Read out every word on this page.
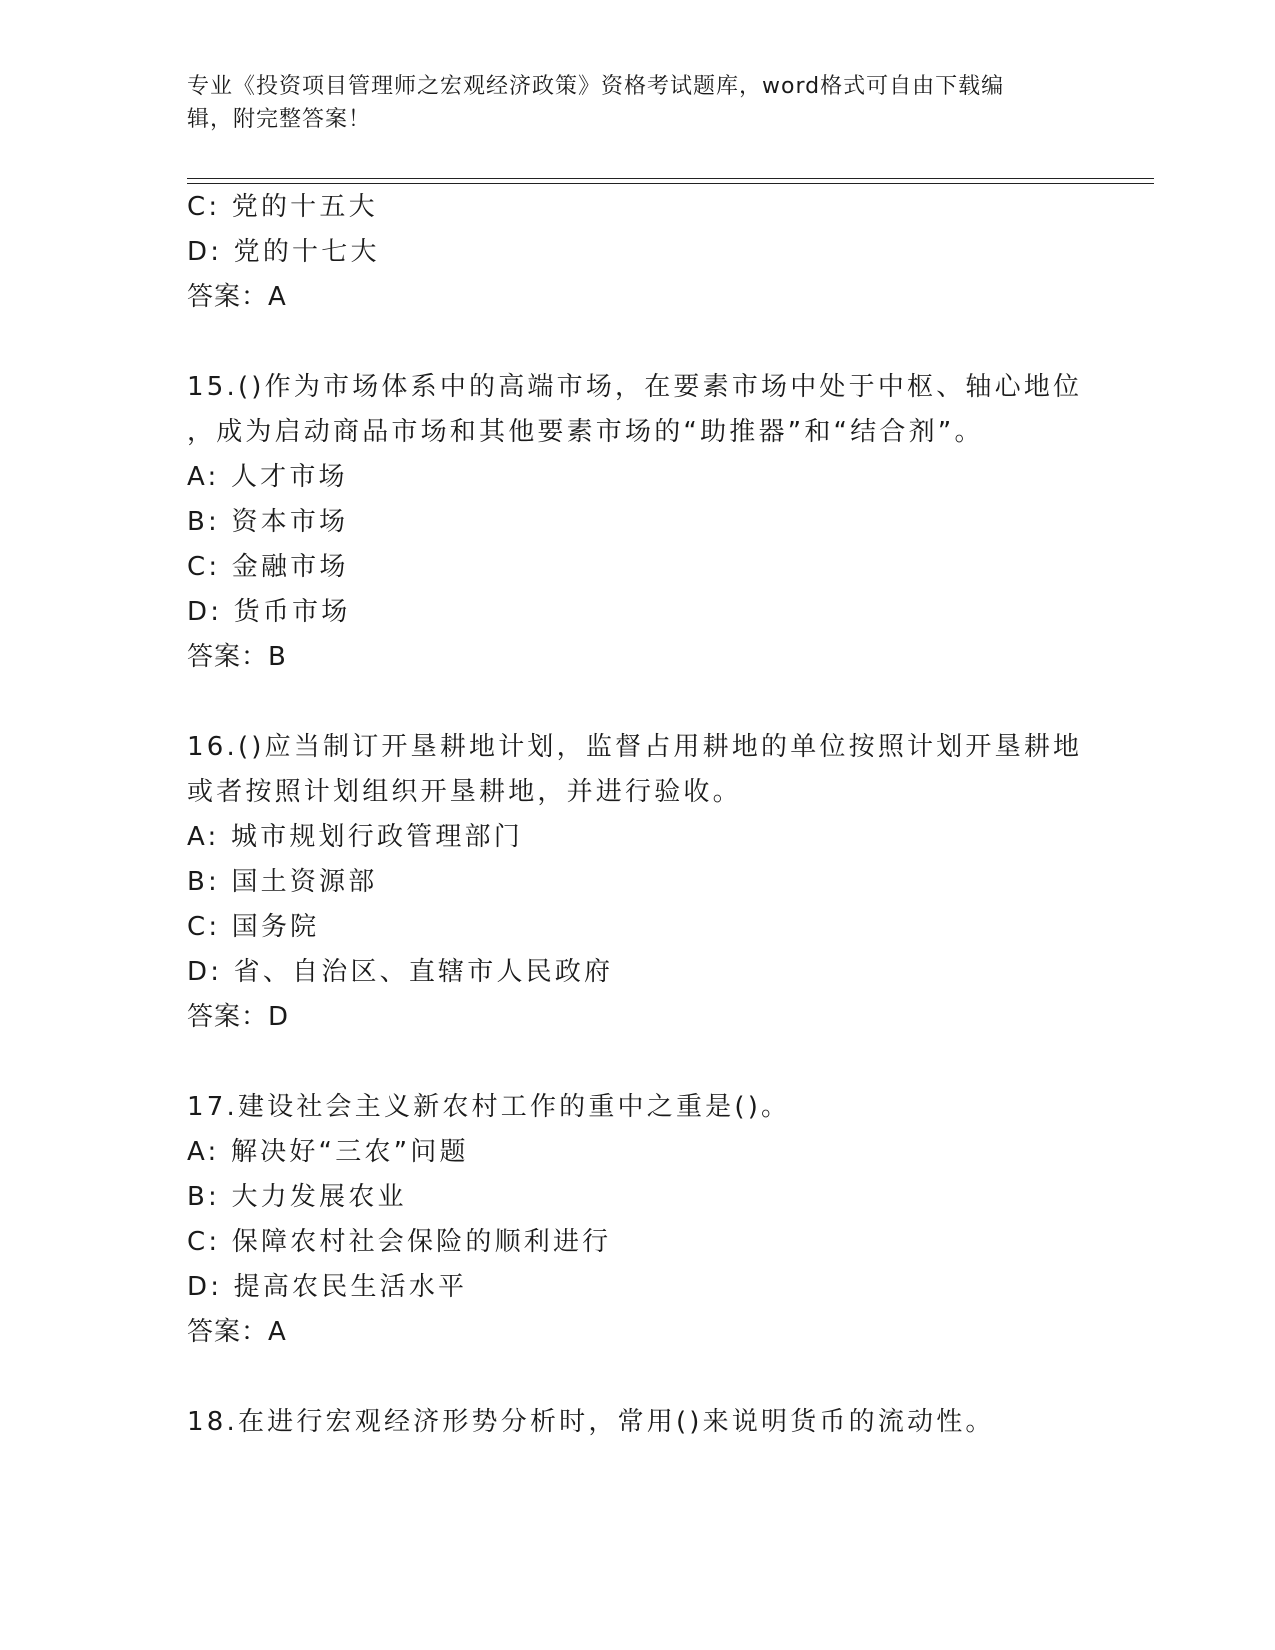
专业《投资项目管理师之宏观经济政策》资格考试题库，word格式可自由下载编
辑，附完整答案！
C: 党的十五大
D: 党的十七大
答案：A
15.()作为市场体系中的高端市场，在要素市场中处于中枢、轴心地位
，成为启动商品市场和其他要素市场的“助推器”和“结合剂”。
A: 人才市场
B: 资本市场
C: 金融市场
D: 货币市场
答案：B
16.()应当制订开垦耕地计划，监督占用耕地的单位按照计划开垦耕地
或者按照计划组织开垦耕地，并进行验收。
A: 城市规划行政管理部门
B: 国土资源部
C: 国务院
D: 省、自治区、直辖市人民政府
答案：D
17.建设社会主义新农村工作的重中之重是()。
A: 解决好“三农”问题
B: 大力发展农业
C: 保障农村社会保险的顺利进行
D: 提高农民生活水平
答案：A
18.在进行宏观经济形势分析时，常用()来说明货币的流动性。
